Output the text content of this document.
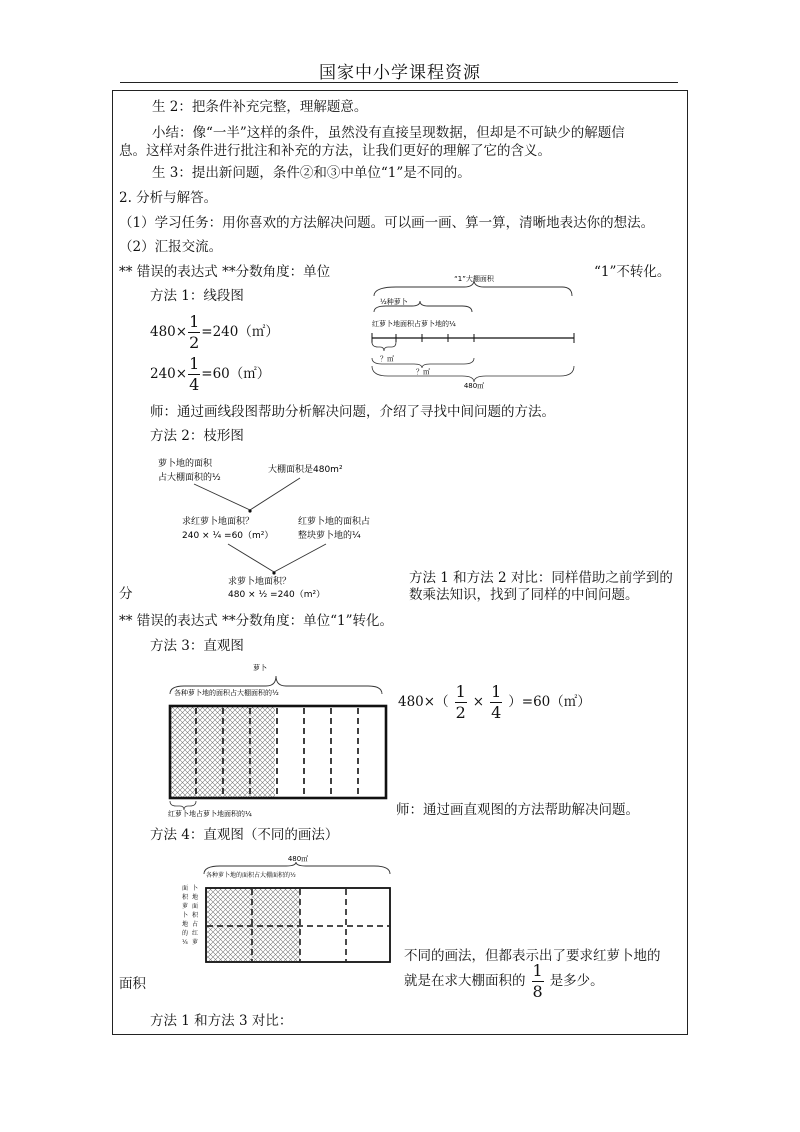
国家中小学课程资源
生 2：把条件补充完整，理解题意。
小结：像“一半”这样的条件，虽然没有直接呈现数据，但却是不可缺少的解题信
息。这样对条件进行批注和补充的方法，让我们更好的理解了它的含义。
生 3：提出新问题，条件②和③中单位“1”是不同的。
2. 分析与解答。
（1）学习任务：用你喜欢的方法解决问题。可以画一画、算一算，清晰地表达你的想法。
（2）汇报交流。
** 错误的表达式 **分数角度：单位	“1”不转化。
方法 1：线段图
$480\times \frac{1}{2}$ =240（㎡）
$240\times \frac{1}{4}$ =60（㎡）
“1”大棚面积
½种萝卜
红萝卜地面积占萝卜地的¼
？㎡
？㎡
480㎡
师：通过画线段图帮助分析解决问题，介绍了寻找中间问题的方法。
方法 2：枝形图
萝卜地的面积
占大棚面积的½
大棚面积是480m²
求红萝卜地面积？
240 × ¼ =60（m²）
红萝卜地的面积占
整块萝卜地的¼
求萝卜地面积？
480 × ½ =240（m²）
分
方法 1 和方法 2 对比：同样借助之前学到的
数乘法知识，找到了同样的中间问题。
** 错误的表达式 **分数角度：单位“1”转化。
方法 3：直观图
萝卜
各种萝卜地的面积占大棚面积的½
红萝卜地占萝卜地面积的¼
$480\times( \frac{1}{2} \times \frac{1}{4}$ ）=60（㎡）
师：通过画直观图的方法帮助解决问题。
方法 4：直观图（不同的画法）
480㎡
各种萝卜地的面积占大棚面积的½
面 卜
积 地
萝 面
卜 积
地 占
的 红
¼ 萝
不同的画法，但都表示出了要求红萝卜地的
面积	就是在求大棚面积的 $\frac{1}{8}$ 是多少。
方法 1 和方法 3 对比：
